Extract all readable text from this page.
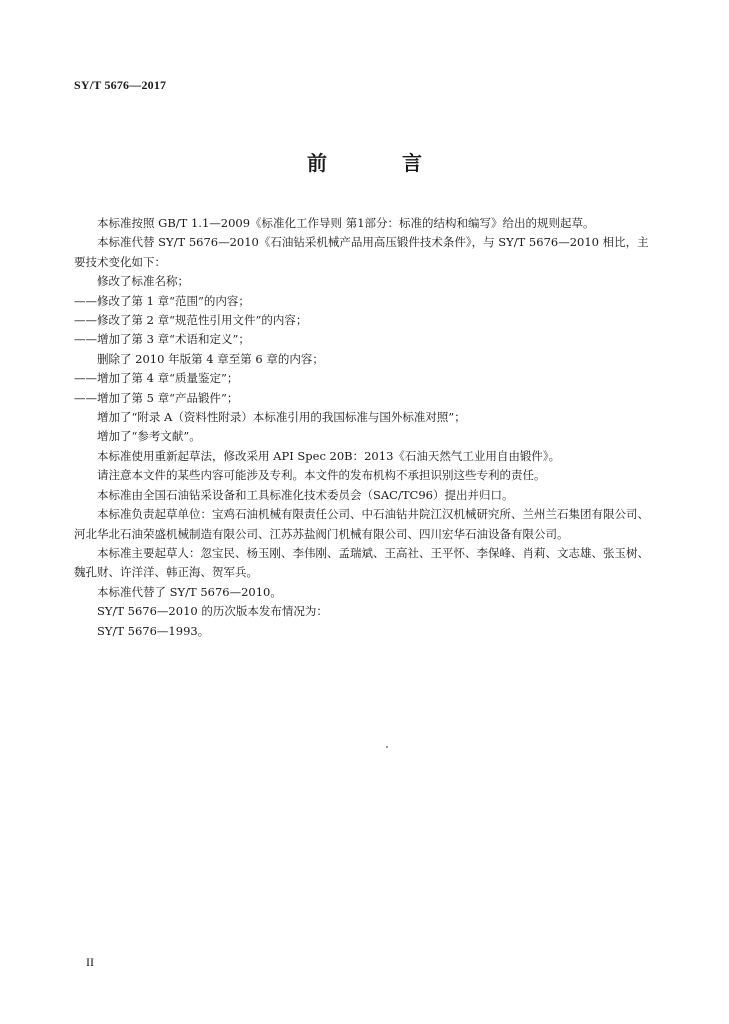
SY/T 5676—2017
前 言

本标准按照 GB/T 1.1—2009《标准化工作导则 第1部分：标准的结构和编写》给出的规则起草。

本标准代替 SY/T 5676—2010《石油钻采机械产品用高压锻件技术条件》，与 SY/T 5676—2010 相比，主要技术变化如下：

修改了标准名称；

——修改了第 1 章“范围”的内容；

——修改了第 2 章“规范性引用文件”的内容；

——增加了第 3 章“术语和定义”；

删除了 2010 年版第 4 章至第 6 章的内容；

——增加了第 4 章“质量鉴定”；

——增加了第 5 章“产品锻件”；

增加了“附录 A（资料性附录）本标准引用的我国标准与国外标准对照”；

增加了“参考文献”。

本标准使用重新起草法，修改采用 API Spec 20B：2013《石油天然气工业用自由锻件》。

请注意本文件的某些内容可能涉及专利。本文件的发布机构不承担识别这些专利的责任。

本标准由全国石油钻采设备和工具标准化技术委员会（SAC/TC96）提出并归口。

本标准负责起草单位：宝鸡石油机械有限责任公司、中石油钻井院江汉机械研究所、兰州兰石集团有限公司、河北华北石油荣盛机械制造有限公司、江苏苏盐阀门机械有限公司、四川宏华石油设备有限公司。

本标准主要起草人：忽宝民、杨玉刚、李伟刚、孟瑞斌、王高社、王平怀、李保峰、肖莉、文志雄、张玉树、魏孔财、许洋洋、韩正海、贺军兵。

本标准代替了 SY/T 5676—2010。

SY/T 5676—2010 的历次版本发布情况为：

SY/T 5676—1993。

II
